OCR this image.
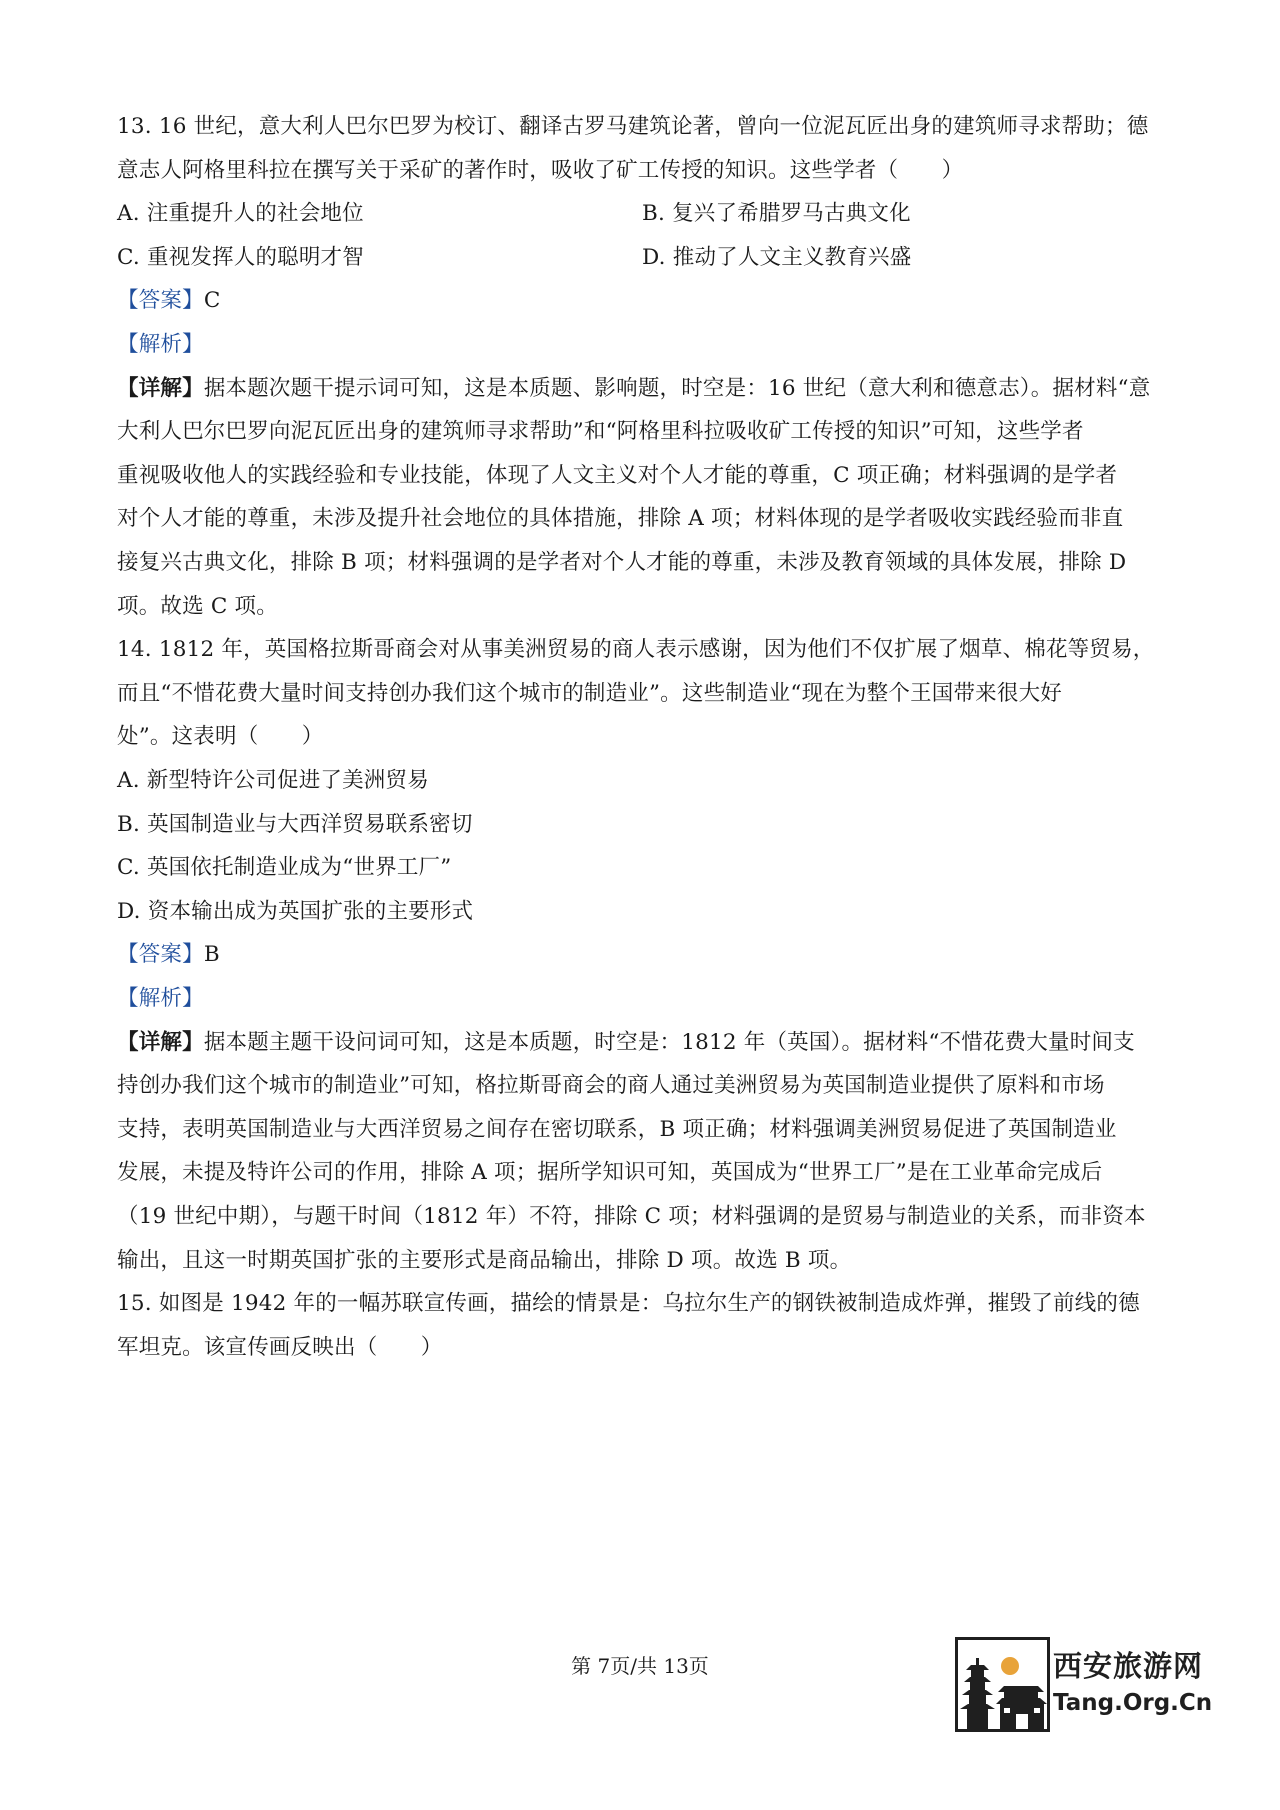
13. 16 世纪，意大利人巴尔巴罗为校订、翻译古罗马建筑论著，曾向一位泥瓦匠出身的建筑师寻求帮助；德
意志人阿格里科拉在撰写关于采矿的著作时，吸收了矿工传授的知识。这些学者（　　）
A. 注重提升人的社会地位	B. 复兴了希腊罗马古典文化
C. 重视发挥人的聪明才智	D. 推动了人文主义教育兴盛
【答案】C
【解析】
【详解】据本题次题干提示词可知，这是本质题、影响题，时空是：16 世纪（意大利和德意志）。据材料“意
大利人巴尔巴罗向泥瓦匠出身的建筑师寻求帮助”和“阿格里科拉吸收矿工传授的知识”可知，这些学者
重视吸收他人的实践经验和专业技能，体现了人文主义对个人才能的尊重，C 项正确；材料强调的是学者
对个人才能的尊重，未涉及提升社会地位的具体措施，排除 A 项；材料体现的是学者吸收实践经验而非直
接复兴古典文化，排除 B 项；材料强调的是学者对个人才能的尊重，未涉及教育领域的具体发展，排除 D
项。故选 C 项。
14. 1812 年，英国格拉斯哥商会对从事美洲贸易的商人表示感谢，因为他们不仅扩展了烟草、棉花等贸易，
而且“不惜花费大量时间支持创办我们这个城市的制造业”。这些制造业“现在为整个王国带来很大好
处”。这表明（　　）
A. 新型特许公司促进了美洲贸易
B. 英国制造业与大西洋贸易联系密切
C. 英国依托制造业成为“世界工厂”
D. 资本输出成为英国扩张的主要形式
【答案】B
【解析】
【详解】据本题主题干设问词可知，这是本质题，时空是：1812 年（英国）。据材料“不惜花费大量时间支
持创办我们这个城市的制造业”可知，格拉斯哥商会的商人通过美洲贸易为英国制造业提供了原料和市场
支持，表明英国制造业与大西洋贸易之间存在密切联系，B 项正确；材料强调美洲贸易促进了英国制造业
发展，未提及特许公司的作用，排除 A 项；据所学知识可知，英国成为“世界工厂”是在工业革命完成后
（19 世纪中期），与题干时间（1812 年）不符，排除 C 项；材料强调的是贸易与制造业的关系，而非资本
输出，且这一时期英国扩张的主要形式是商品输出，排除 D 项。故选 B 项。
15. 如图是 1942 年的一幅苏联宣传画，描绘的情景是：乌拉尔生产的钢铁被制造成炸弹，摧毁了前线的德
军坦克。该宣传画反映出（　　）
第 7页/共 13页	西安旅游网
Tang.Org.Cn
